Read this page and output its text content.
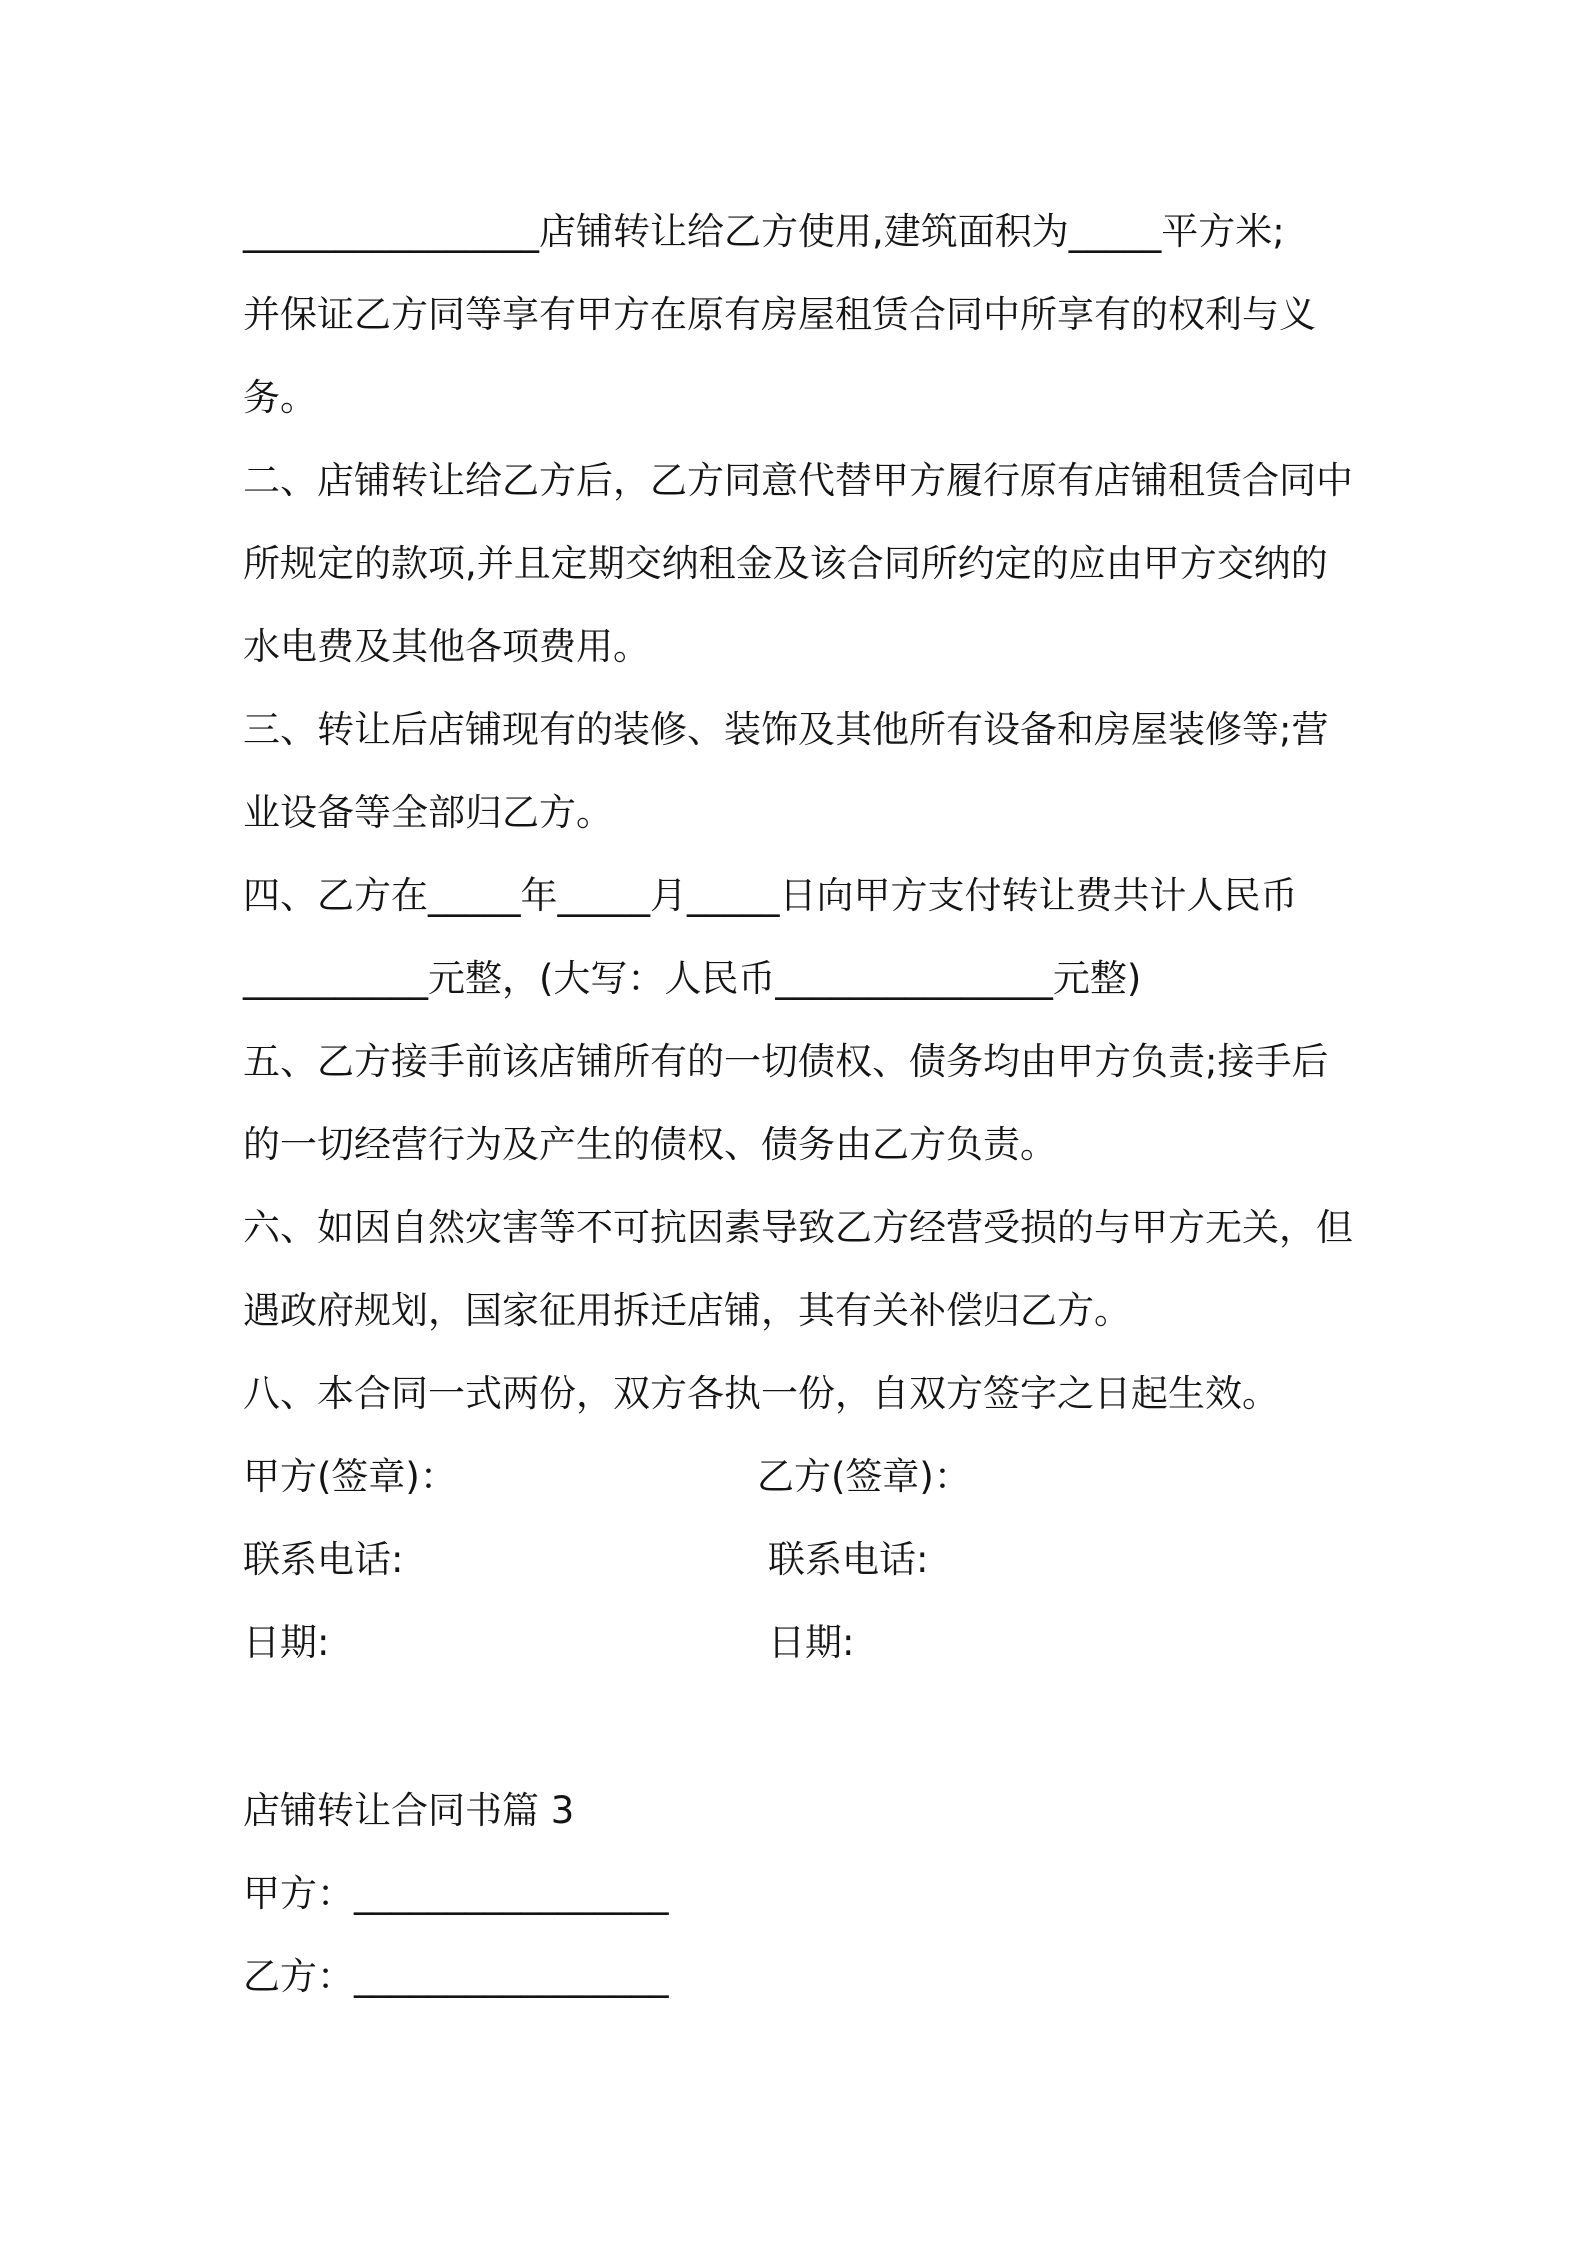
________________店铺转让给乙方使用,建筑面积为_____平方米;
并保证乙方同等享有甲方在原有房屋租赁合同中所享有的权利与义
务。
二、店铺转让给乙方后，乙方同意代替甲方履行原有店铺租赁合同中
所规定的款项,并且定期交纳租金及该合同所约定的应由甲方交纳的
水电费及其他各项费用。
三、转让后店铺现有的装修、装饰及其他所有设备和房屋装修等;营
业设备等全部归乙方。
四、乙方在_____年_____月_____日向甲方支付转让费共计人民币
__________元整，(大写：人民币_______________元整)
五、乙方接手前该店铺所有的一切债权、债务均由甲方负责;接手后
的一切经营行为及产生的债权、债务由乙方负责。
六、如因自然灾害等不可抗因素导致乙方经营受损的与甲方无关，但
遇政府规划，国家征用拆迁店铺，其有关补偿归乙方。
八、本合同一式两份，双方各执一份，自双方签字之日起生效。
甲方(签章)：	乙方(签章)：
联系电话:	联系电话:
日期:	日期:
店铺转让合同书篇 3
甲方：_________________
乙方：_________________
